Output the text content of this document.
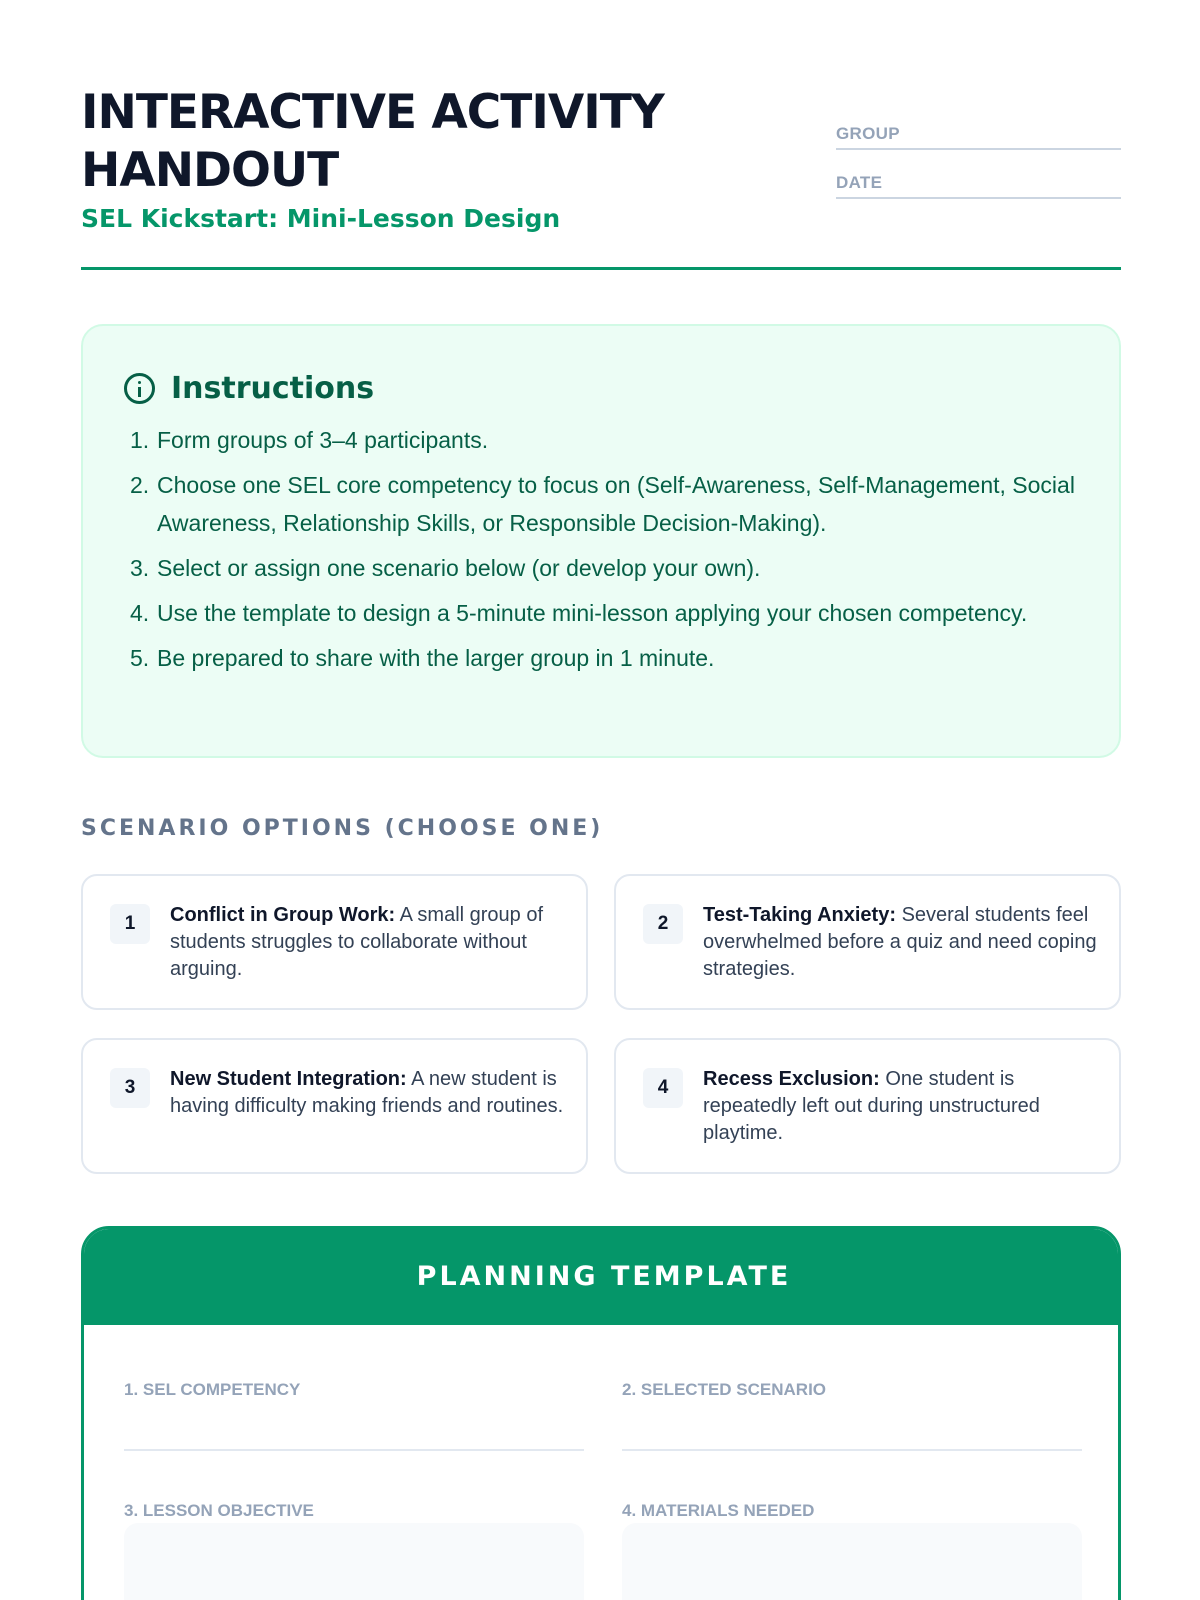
INTERACTIVE ACTIVITY HANDOUT
SEL Kickstart: Mini-Lesson Design
GROUP
DATE
Instructions
1. Form groups of 3–4 participants.
2. Choose one SEL core competency to focus on (Self-Awareness, Self-Management, Social Awareness, Relationship Skills, or Responsible Decision-Making).
3. Select or assign one scenario below (or develop your own).
4. Use the template to design a 5-minute mini-lesson applying your chosen competency.
5. Be prepared to share with the larger group in 1 minute.
SCENARIO OPTIONS (CHOOSE ONE)
1	Conflict in Group Work: A small group of students struggles to collaborate without arguing.
2	Test-Taking Anxiety: Several students feel overwhelmed before a quiz and need coping strategies.
3	New Student Integration: A new student is having difficulty making friends and routines.
4	Recess Exclusion: One student is repeatedly left out during unstructured playtime.
PLANNING TEMPLATE
1. SEL COMPETENCY	2. SELECTED SCENARIO
3. LESSON OBJECTIVE	4. MATERIALS NEEDED
